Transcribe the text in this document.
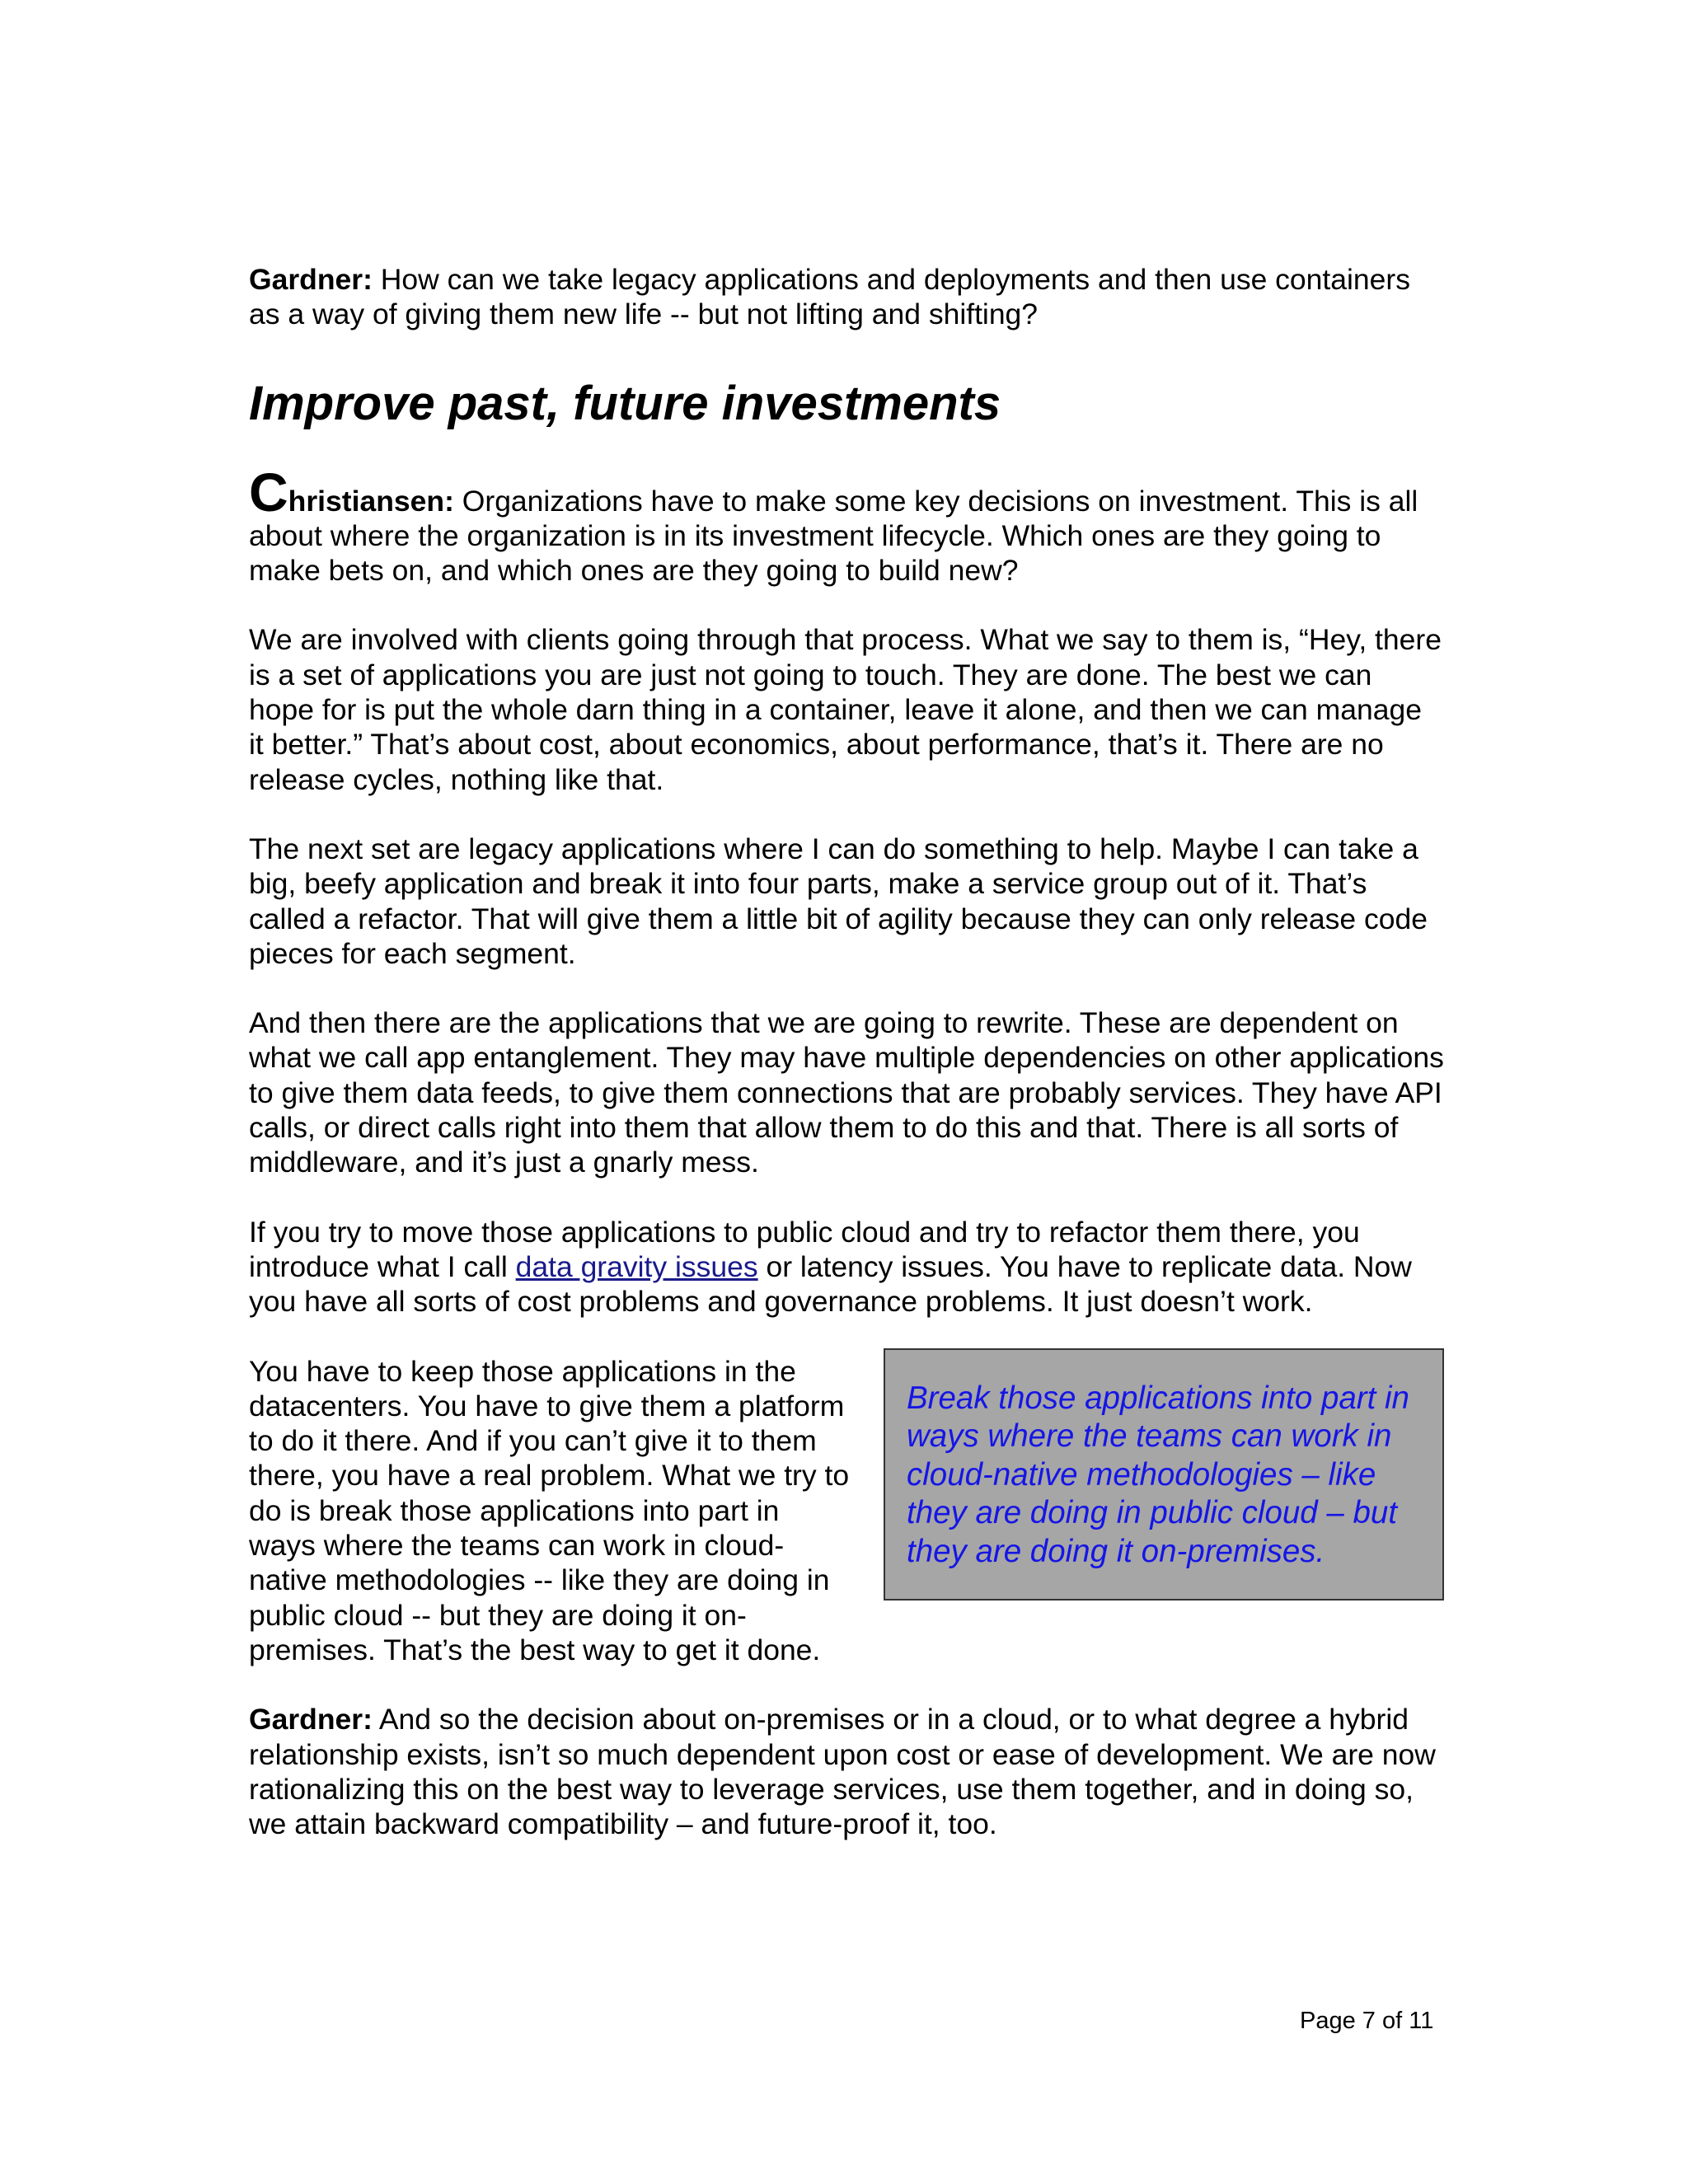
Gardner: How can we take legacy applications and deployments and then use containers as a way of giving them new life -- but not lifting and shifting?

Improve past, future investments

Christiansen: Organizations have to make some key decisions on investment. This is all about where the organization is in its investment lifecycle. Which ones are they going to make bets on, and which ones are they going to build new?

We are involved with clients going through that process. What we say to them is, “Hey, there is a set of applications you are just not going to touch. They are done. The best we can hope for is put the whole darn thing in a container, leave it alone, and then we can manage it better.” That’s about cost, about economics, about performance, that’s it. There are no release cycles, nothing like that.

The next set are legacy applications where I can do something to help. Maybe I can take a big, beefy application and break it into four parts, make a service group out of it. That’s called a refactor. That will give them a little bit of agility because they can only release code pieces for each segment.

And then there are the applications that we are going to rewrite. These are dependent on what we call app entanglement. They may have multiple dependencies on other applications to give them data feeds, to give them connections that are probably services. They have API calls, or direct calls right into them that allow them to do this and that. There is all sorts of middleware, and it’s just a gnarly mess.

If you try to move those applications to public cloud and try to refactor them there, you introduce what I call data gravity issues or latency issues. You have to replicate data. Now you have all sorts of cost problems and governance problems. It just doesn’t work.

Break those applications into part in ways where the teams can work in cloud-native methodologies – like they are doing in public cloud – but they are doing it on-premises.

You have to keep those applications in the datacenters. You have to give them a platform to do it there. And if you can’t give it to them there, you have a real problem. What we try to do is break those applications into part in ways where the teams can work in cloud-native methodologies -- like they are doing in public cloud -- but they are doing it on-premises. That’s the best way to get it done.

Gardner: And so the decision about on-premises or in a cloud, or to what degree a hybrid relationship exists, isn’t so much dependent upon cost or ease of development. We are now rationalizing this on the best way to leverage services, use them together, and in doing so, we attain backward compatibility – and future-proof it, too.

Page 7 of 11
